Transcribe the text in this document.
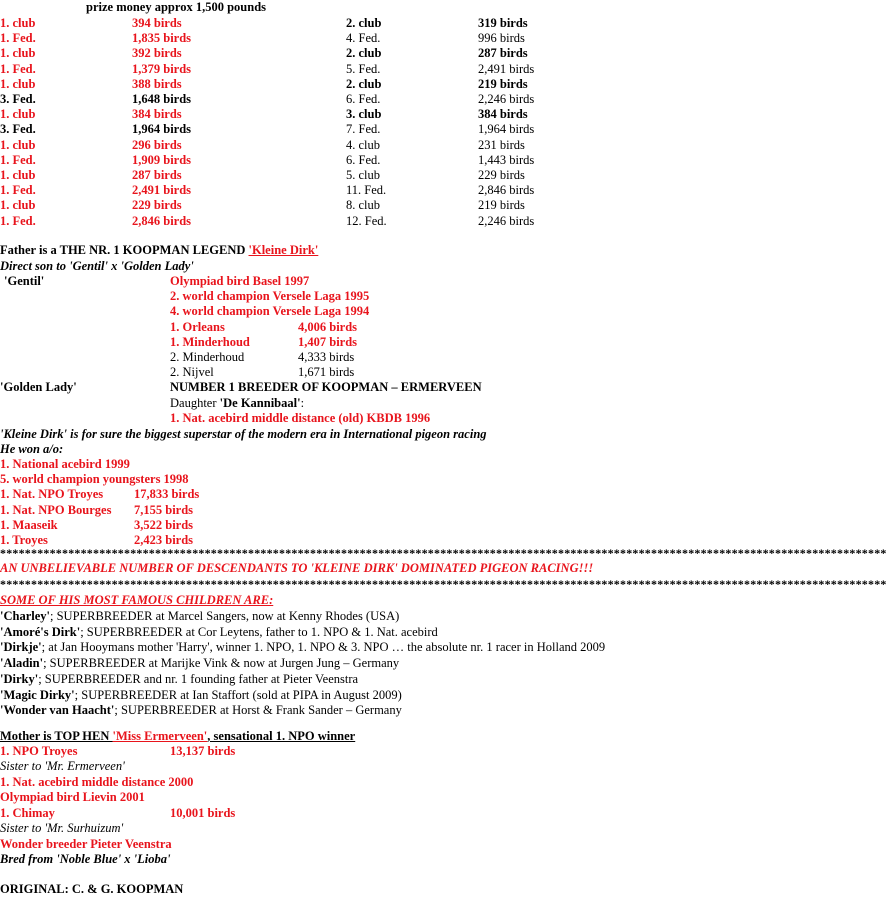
prize money approx 1,500 pounds
1. club	394 birds	2. club	319 birds
1. Fed.	1,835 birds	4. Fed.	996 birds
1. club	392 birds	2. club	287 birds
1. Fed.	1,379 birds	5. Fed.	2,491 birds
1. club	388 birds	2. club	219 birds
3. Fed.	1,648 birds	6. Fed.	2,246 birds
1. club	384 birds	3. club	384 birds
3. Fed.	1,964 birds	7. Fed.	1,964 birds
1. club	296 birds	4. club	231 birds
1. Fed.	1,909 birds	6. Fed.	1,443 birds
1. club	287 birds	5. club	229 birds
1. Fed.	2,491 birds	11. Fed.	2,846 birds
1. club	229 birds	8. club	219 birds
1. Fed.	2,846 birds	12. Fed.	2,246 birds
Father is a THE NR. 1 KOOPMAN LEGEND 'Kleine Dirk'
Direct son to 'Gentil' x 'Golden Lady'
'Gentil'	Olympiad bird Basel 1997
2. world champion Versele Laga 1995
4. world champion Versele Laga 1994
1. Orleans	4,006 birds
1. Minderhoud	1,407 birds
2. Minderhoud	4,333 birds
2. Nijvel	1,671 birds
'Golden Lady'	NUMBER 1 BREEDER OF KOOPMAN – ERMERVEEN
Daughter 'De Kannibaal':
1. Nat. acebird middle distance (old) KBDB 1996
'Kleine Dirk' is for sure the biggest superstar of the modern era in International pigeon racing
He won a/o:
1. National acebird 1999
5. world champion youngsters 1998
1. Nat. NPO Troyes 17,833 birds
1. Nat. NPO Bourges 7,155 birds
1. Maaseik	3,522 birds
1. Troyes	2,423 birds
***********************************************************************************************************************************************
AN UNBELIEVABLE NUMBER OF DESCENDANTS TO 'KLEINE DIRK' DOMINATED PIGEON RACING!!!
***********************************************************************************************************************************************
SOME OF HIS MOST FAMOUS CHILDREN ARE:
'Charley'; SUPERBREEDER at Marcel Sangers, now at Kenny Rhodes (USA)
'Amoré's Dirk'; SUPERBREEDER at Cor Leytens, father to 1. NPO & 1. Nat. acebird
'Dirkje'; at Jan Hooymans mother 'Harry', winner 1. NPO, 1. NPO & 3. NPO … the absolute nr. 1 racer in Holland 2009
'Aladin'; SUPERBREEDER at Marijke Vink & now at Jurgen Jung – Germany
'Dirky'; SUPERBREEDER and nr. 1 founding father at Pieter Veenstra
'Magic Dirky'; SUPERBREEDER at Ian Staffort (sold at PIPA in August 2009)
'Wonder van Haacht'; SUPERBREEDER at Horst & Frank Sander – Germany
Mother is TOP HEN 'Miss Ermerveen', sensational 1. NPO winner
1. NPO Troyes	13,137 birds
Sister to 'Mr. Ermerveen'
1. Nat. acebird middle distance 2000
Olympiad bird Lievin 2001
1. Chimay	10,001 birds
Sister to 'Mr. Surhuizum'
Wonder breeder Pieter Veenstra
Bred from 'Noble Blue' x 'Lioba'
ORIGINAL: C. & G. KOOPMAN
